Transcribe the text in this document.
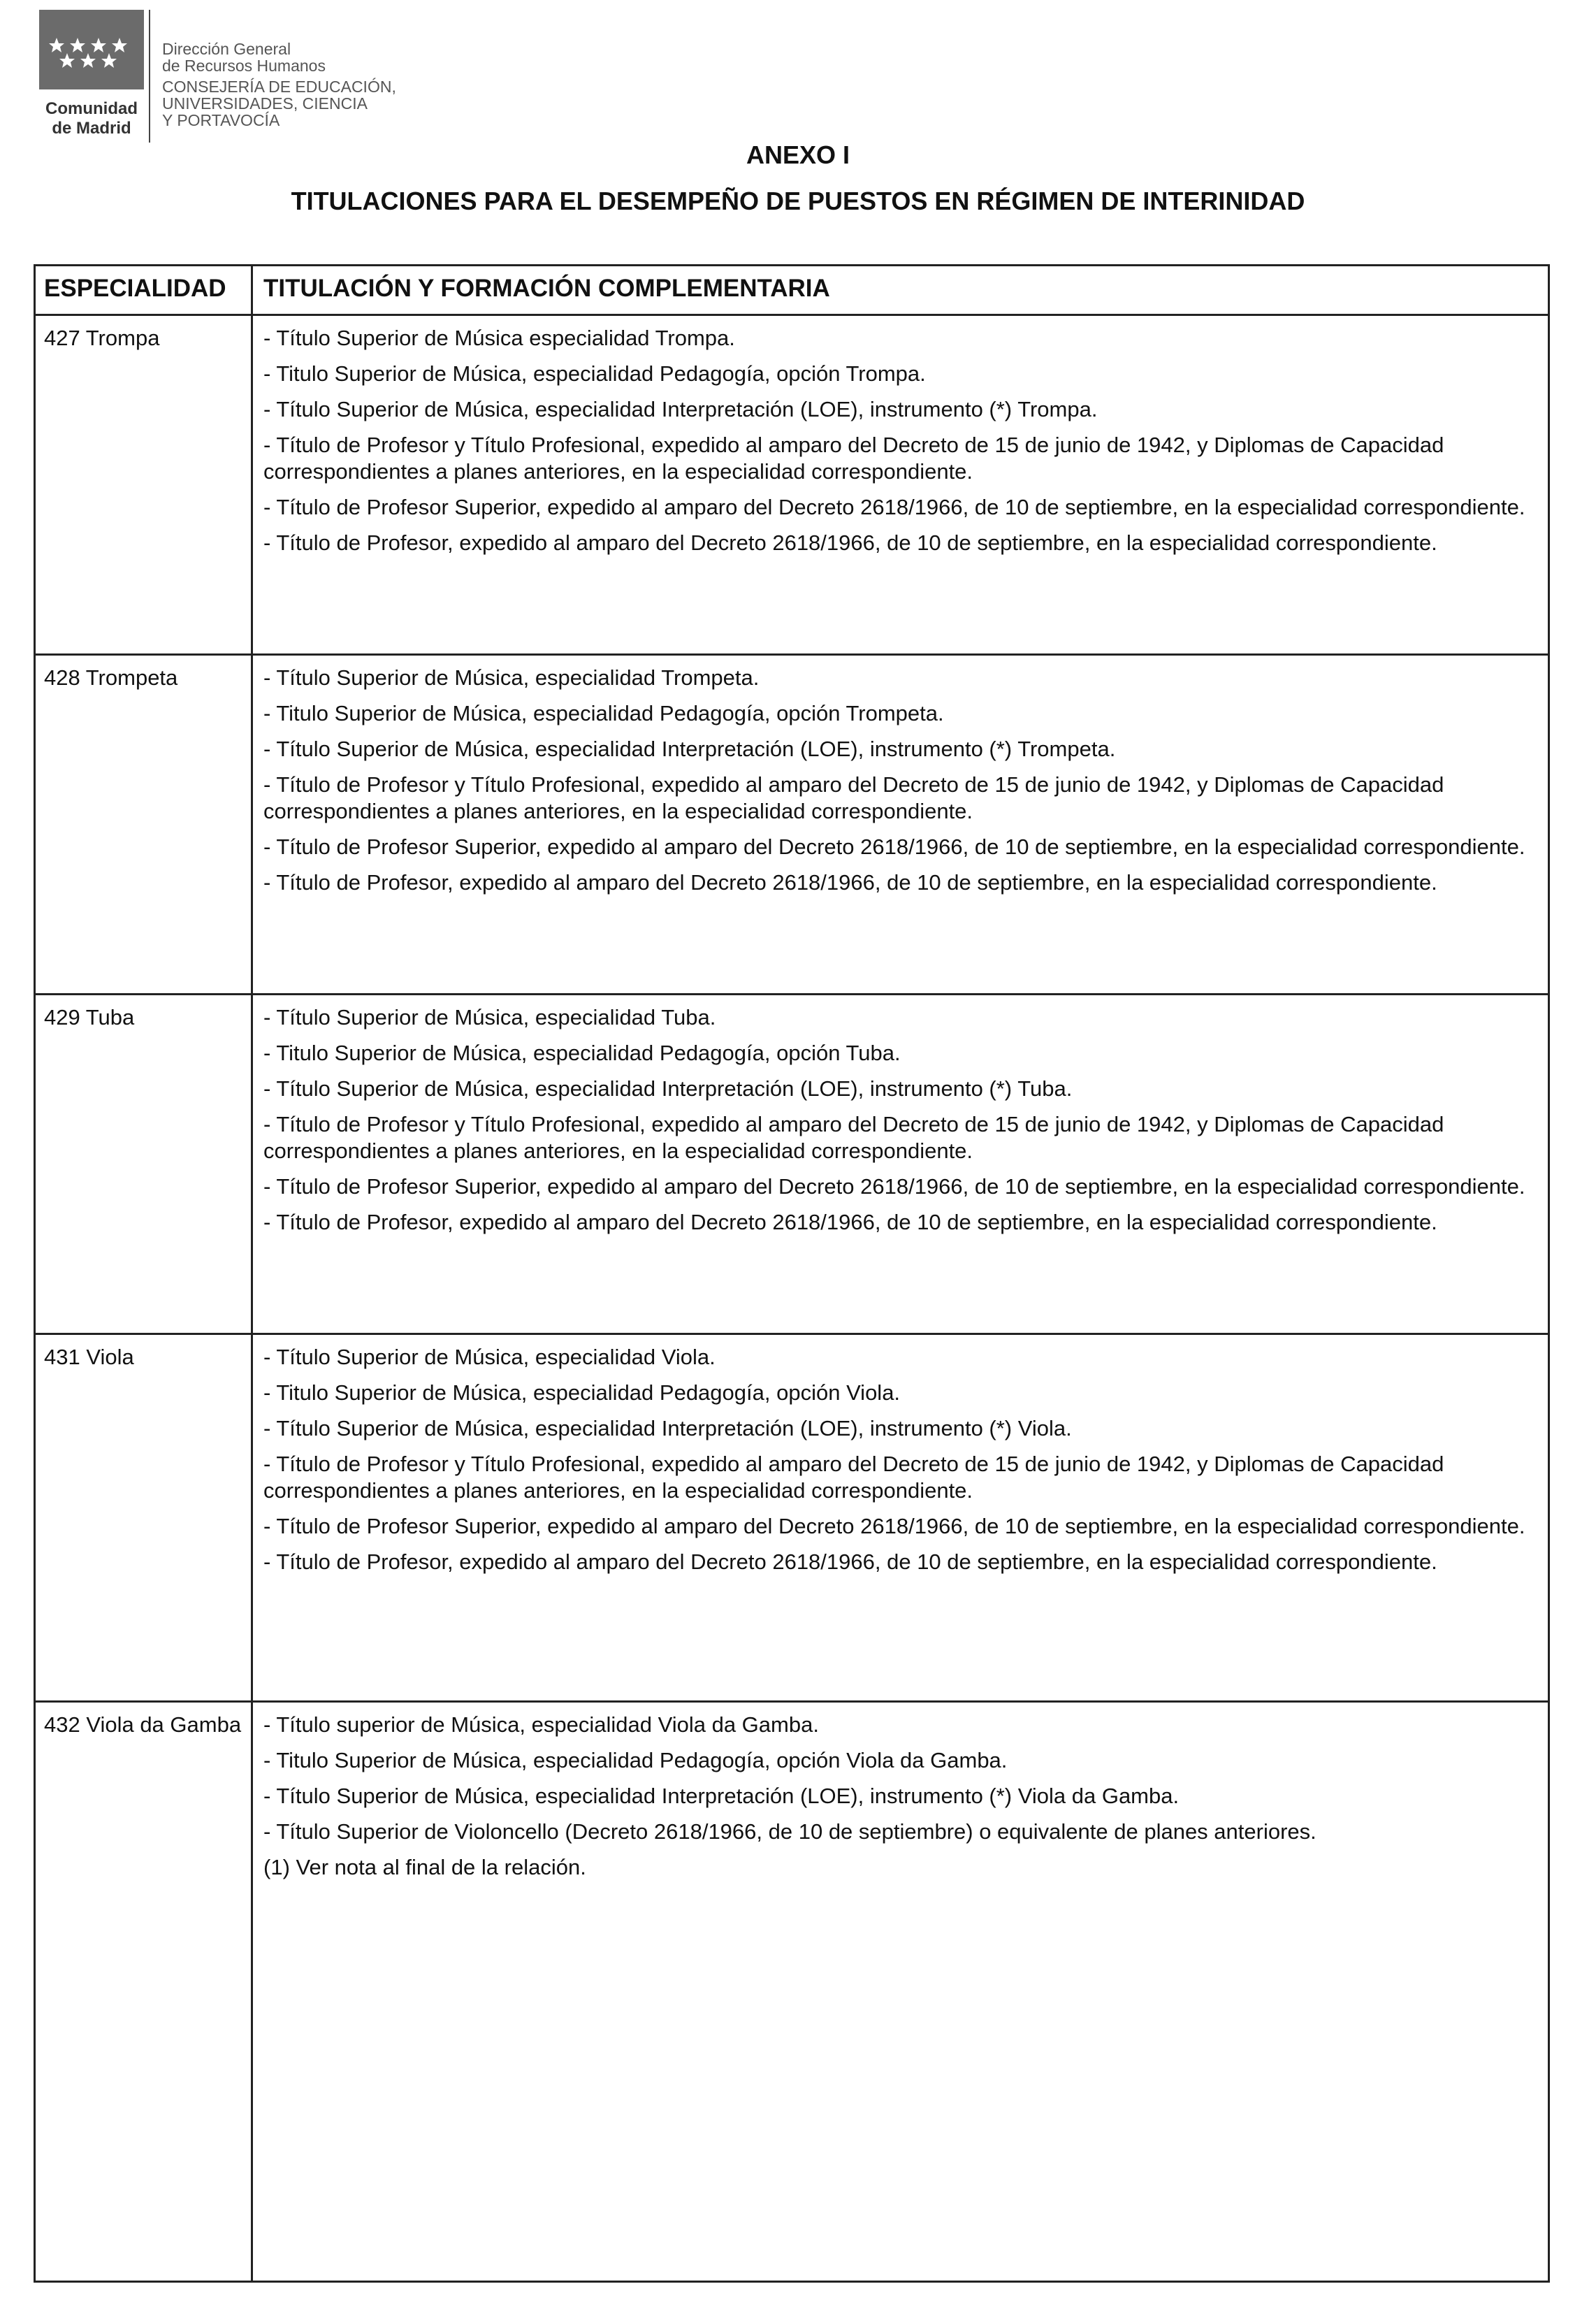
Comunidad
de Madrid
Dirección General
de Recursos Humanos
CONSEJERÍA DE EDUCACIÓN,
UNIVERSIDADES, CIENCIA
Y PORTAVOCÍA
ANEXO I
TITULACIONES PARA EL DESEMPEÑO DE PUESTOS EN RÉGIMEN DE INTERINIDAD
ESPECIALIDAD TITULACIÓN Y FORMACIÓN COMPLEMENTARIA
427 Trompa	- Título Superior de Música especialidad Trompa.
- Titulo Superior de Música, especialidad Pedagogía, opción Trompa.
- Título Superior de Música, especialidad Interpretación (LOE), instrumento (*) Trompa.
- Título de Profesor y Título Profesional, expedido al amparo del Decreto de 15 de junio de 1942, y Diplomas de Capacidad correspondientes a planes anteriores, en la especialidad correspondiente.
- Título de Profesor Superior, expedido al amparo del Decreto 2618/1966, de 10 de septiembre, en la especialidad correspondiente.
- Título de Profesor, expedido al amparo del Decreto 2618/1966, de 10 de septiembre, en la especialidad correspondiente.
428 Trompeta	- Título Superior de Música, especialidad Trompeta.
- Titulo Superior de Música, especialidad Pedagogía, opción Trompeta.
- Título Superior de Música, especialidad Interpretación (LOE), instrumento (*) Trompeta.
- Título de Profesor y Título Profesional, expedido al amparo del Decreto de 15 de junio de 1942, y Diplomas de Capacidad correspondientes a planes anteriores, en la especialidad correspondiente.
- Título de Profesor Superior, expedido al amparo del Decreto 2618/1966, de 10 de septiembre, en la especialidad correspondiente.
- Título de Profesor, expedido al amparo del Decreto 2618/1966, de 10 de septiembre, en la especialidad correspondiente.
429 Tuba	- Título Superior de Música, especialidad Tuba.
- Titulo Superior de Música, especialidad Pedagogía, opción Tuba.
- Título Superior de Música, especialidad Interpretación (LOE), instrumento (*) Tuba.
- Título de Profesor y Título Profesional, expedido al amparo del Decreto de 15 de junio de 1942, y Diplomas de Capacidad correspondientes a planes anteriores, en la especialidad correspondiente.
- Título de Profesor Superior, expedido al amparo del Decreto 2618/1966, de 10 de septiembre, en la especialidad correspondiente.
- Título de Profesor, expedido al amparo del Decreto 2618/1966, de 10 de septiembre, en la especialidad correspondiente.
431 Viola	- Título Superior de Música, especialidad Viola.
- Titulo Superior de Música, especialidad Pedagogía, opción Viola.
- Título Superior de Música, especialidad Interpretación (LOE), instrumento (*) Viola.
- Título de Profesor y Título Profesional, expedido al amparo del Decreto de 15 de junio de 1942, y Diplomas de Capacidad correspondientes a planes anteriores, en la especialidad correspondiente.
- Título de Profesor Superior, expedido al amparo del Decreto 2618/1966, de 10 de septiembre, en la especialidad correspondiente.
- Título de Profesor, expedido al amparo del Decreto 2618/1966, de 10 de septiembre, en la especialidad correspondiente.
432 Viola da Gamba - Título superior de Música, especialidad Viola da Gamba.
- Titulo Superior de Música, especialidad Pedagogía, opción Viola da Gamba.
- Título Superior de Música, especialidad Interpretación (LOE), instrumento (*) Viola da Gamba.
- Título Superior de Violoncello (Decreto 2618/1966, de 10 de septiembre) o equivalente de planes anteriores.
(1) Ver nota al final de la relación.
